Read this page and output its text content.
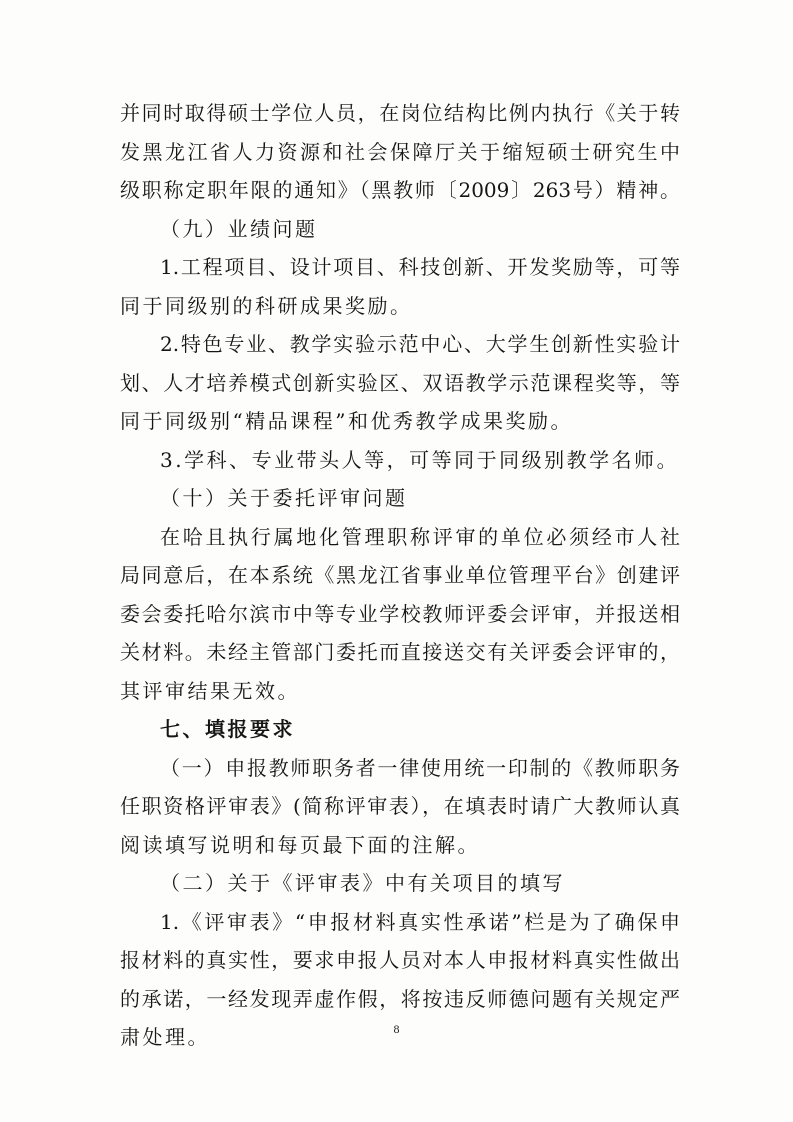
并同时取得硕士学位人员，在岗位结构比例内执行《关于转
发黑龙江省人力资源和社会保障厅关于缩短硕士研究生中
级职称定职年限的通知》（黑教师〔2009〕263号）精神。
（九）业绩问题
1.工程项目、设计项目、科技创新、开发奖励等，可等
同于同级别的科研成果奖励。
2.特色专业、教学实验示范中心、大学生创新性实验计
划、人才培养模式创新实验区、双语教学示范课程奖等，等
同于同级别“精品课程”和优秀教学成果奖励。
3.学科、专业带头人等，可等同于同级别教学名师。
（十）关于委托评审问题
在哈且执行属地化管理职称评审的单位必须经市人社
局同意后，在本系统《黑龙江省事业单位管理平台》创建评
委会委托哈尔滨市中等专业学校教师评委会评审，并报送相
关材料。未经主管部门委托而直接送交有关评委会评审的，
其评审结果无效。
七、填报要求
（一）申报教师职务者一律使用统一印制的《教师职务
任职资格评审表》(简称评审表），在填表时请广大教师认真
阅读填写说明和每页最下面的注解。
（二）关于《评审表》中有关项目的填写
1.《评审表》“申报材料真实性承诺”栏是为了确保申
报材料的真实性，要求申报人员对本人申报材料真实性做出
的承诺，一经发现弄虚作假，将按违反师德问题有关规定严
肃处理。	8
